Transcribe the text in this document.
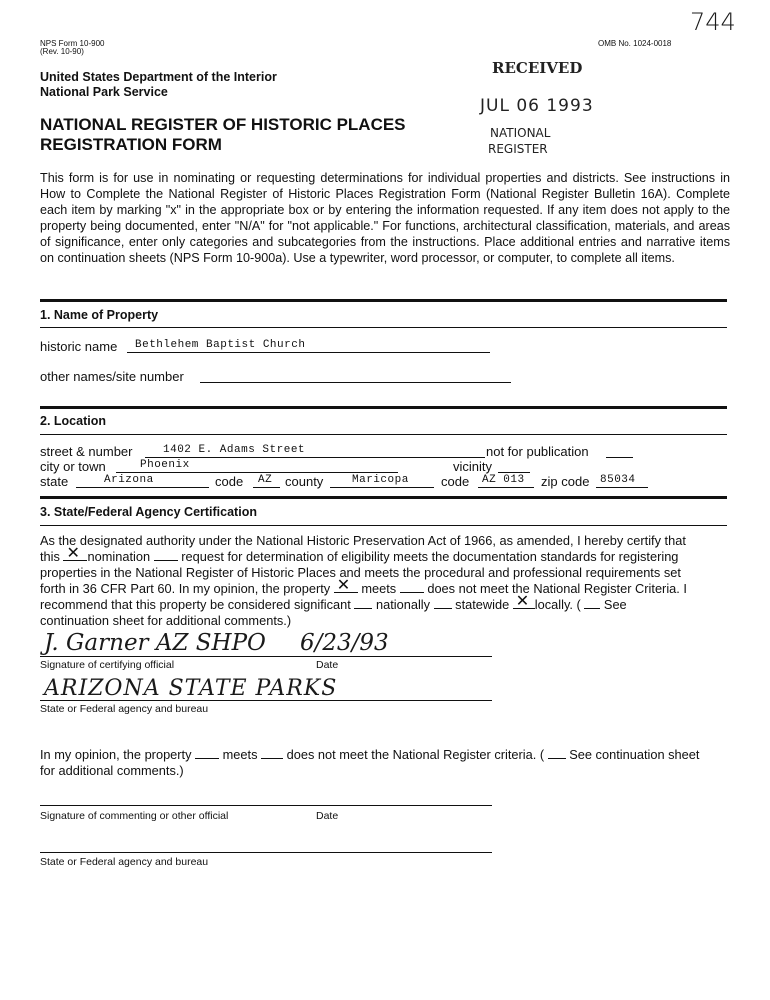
NPS Form 10-900
(Rev. 10-90)
OMB No. 1024-0018
744
United States Department of the Interior
National Park Service
NATIONAL REGISTER OF HISTORIC PLACES
REGISTRATION FORM
RECEIVED
JUL 06 1993
NATIONAL
REGISTER
This form is for use in nominating or requesting determinations for individual properties and districts. See instructions in How to Complete the National Register of Historic Places Registration Form (National Register Bulletin 16A). Complete each item by marking "x" in the appropriate box or by entering the information requested. If any item does not apply to the property being documented, enter "N/A" for "not applicable." For functions, architectural classification, materials, and areas of significance, enter only categories and subcategories from the instructions. Place additional entries and narrative items on continuation sheets (NPS Form 10-900a). Use a typewriter, word processor, or computer, to complete all items.
1. Name of Property
historic name Bethlehem Baptist Church
other names/site number
2. Location
street & number	1402 E. Adams Street	not for publication
city or town	Phoenix	vicinity
state	Arizona	code AZ county	Maricopa code AZ 013 zip code 85034
3. State/Federal Agency Certification
As the designated authority under the National Historic Preservation Act of 1966, as amended, I hereby certify that
this ✕ nomination request for determination of eligibility meets the documentation standards for registering
properties in the National Register of Historic Places and meets the procedural and professional requirements set
forth in 36 CFR Part 60. In my opinion, the property ✕ meets does not meet the National Register Criteria. I
recommend that this property be considered significant nationally statewide ✕ locally. ( See
continuation sheet for additional comments.)
J. Garner AZ SHPO 6/23/93
Signature of certifying official	Date
ARIZONA STATE PARKS
State or Federal agency and bureau
In my opinion, the property meets does not meet the National Register criteria. ( See continuation sheet
for additional comments.)
Signature of commenting or other official	Date
State or Federal agency and bureau
